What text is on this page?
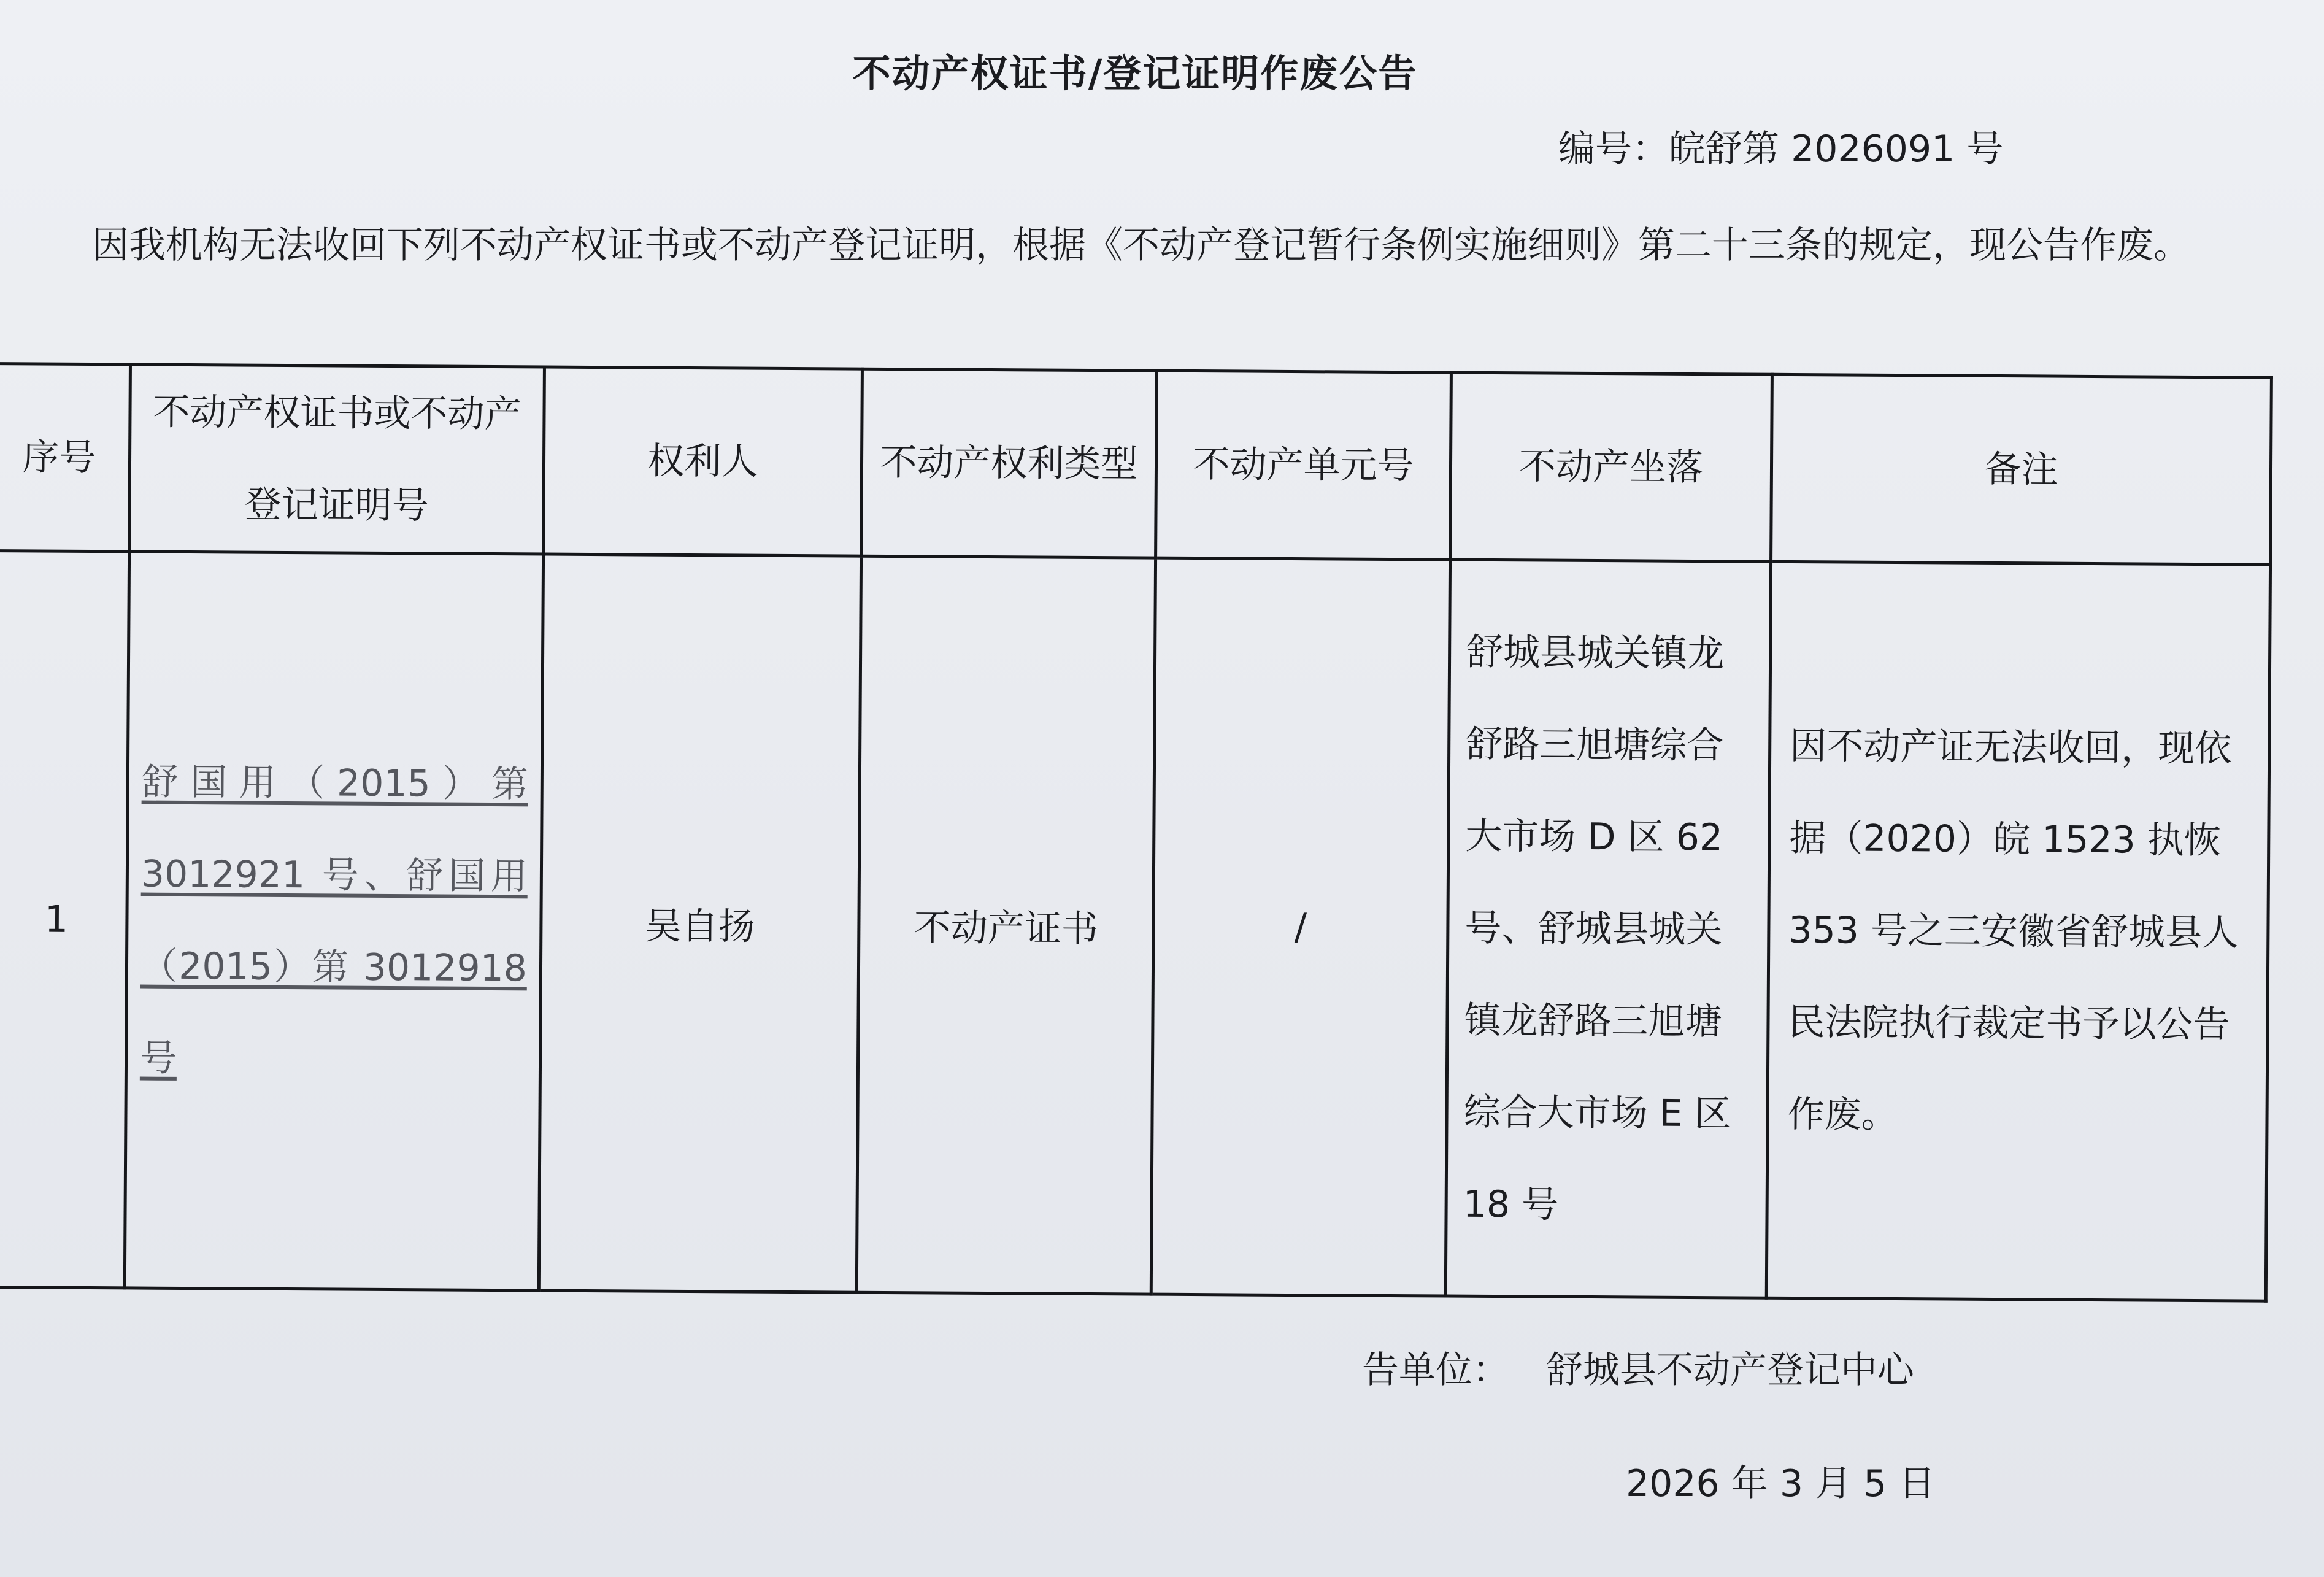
不动产权证书/登记证明作废公告
编号：皖舒第 2026091 号
因我机构无法收回下列不动产权证书或不动产登记证明，根据《不动产登记暂行条例实施细则》第二十三条的规定，现公告作废。
序号	不动产权证书或不动产登记证明号	权利人	不动产权利类型	不动产单元号	不动产坐落	备注
1	舒国用（2015）第 3012921 号、舒国用（2015）第 3012918 号	吴自扬	不动产证书	/	舒城县城关镇龙舒路三旭塘综合大市场 D 区 62 号、舒城县城关镇龙舒路三旭塘综合大市场 E 区 18 号	因不动产证无法收回，现依据（2020）皖 1523 执恢 353 号之三安徽省舒城县人民法院执行裁定书予以公告作废。
告单位： 舒城县不动产登记中心
2026 年 3 月 5 日
